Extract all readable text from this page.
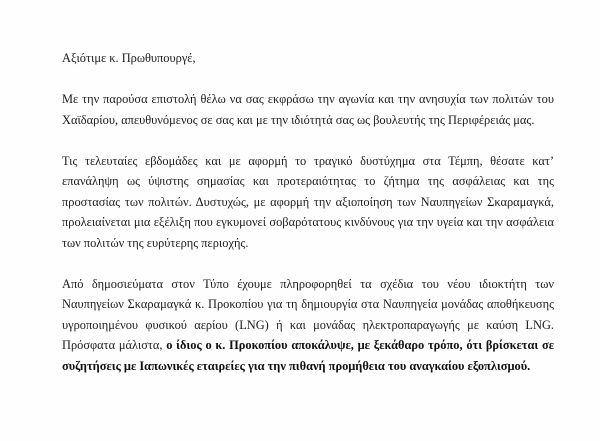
Αξιότιμε κ. Πρωθυπουργέ,

Με την παρούσα επιστολή θέλω να σας εκφράσω την αγωνία και την ανησυχία των πολιτών του Χαϊδαρίου, απευθυνόμενος σε σας και με την ιδιότητά σας ως βουλευτής της Περιφέρειάς μας.

Τις τελευταίες εβδομάδες και με αφορμή το τραγικό δυστύχημα στα Τέμπη, θέσατε κατ’ επανάληψη ως ύψιστης σημασίας και προτεραιότητας το ζήτημα της ασφάλειας και της προστασίας των πολιτών. Δυστυχώς, με αφορμή την αξιοποίηση των Ναυπηγείων Σκαραμαγκά, προλειαίνεται μια εξέλιξη που εγκυμονεί σοβαρότατους κινδύνους για την υγεία και την ασφάλεια των πολιτών της ευρύτερης περιοχής.

Από δημοσιεύματα στον Τύπο έχουμε πληροφορηθεί τα σχέδια του νέου ιδιοκτήτη των Ναυπηγείων Σκαραμαγκά κ. Προκοπίου για τη δημιουργία στα Ναυπηγεία μονάδας αποθήκευσης υγροποιημένου φυσικού αερίου (LNG) ή και μονάδας ηλεκτροπαραγωγής με καύση LNG. Πρόσφατα μάλιστα, ο ίδιος ο κ. Προκοπίου αποκάλυψε, με ξεκάθαρο τρόπο, ότι βρίσκεται σε συζητήσεις με Ιαπωνικές εταιρείες για την πιθανή προμήθεια του αναγκαίου εξοπλισμού.
